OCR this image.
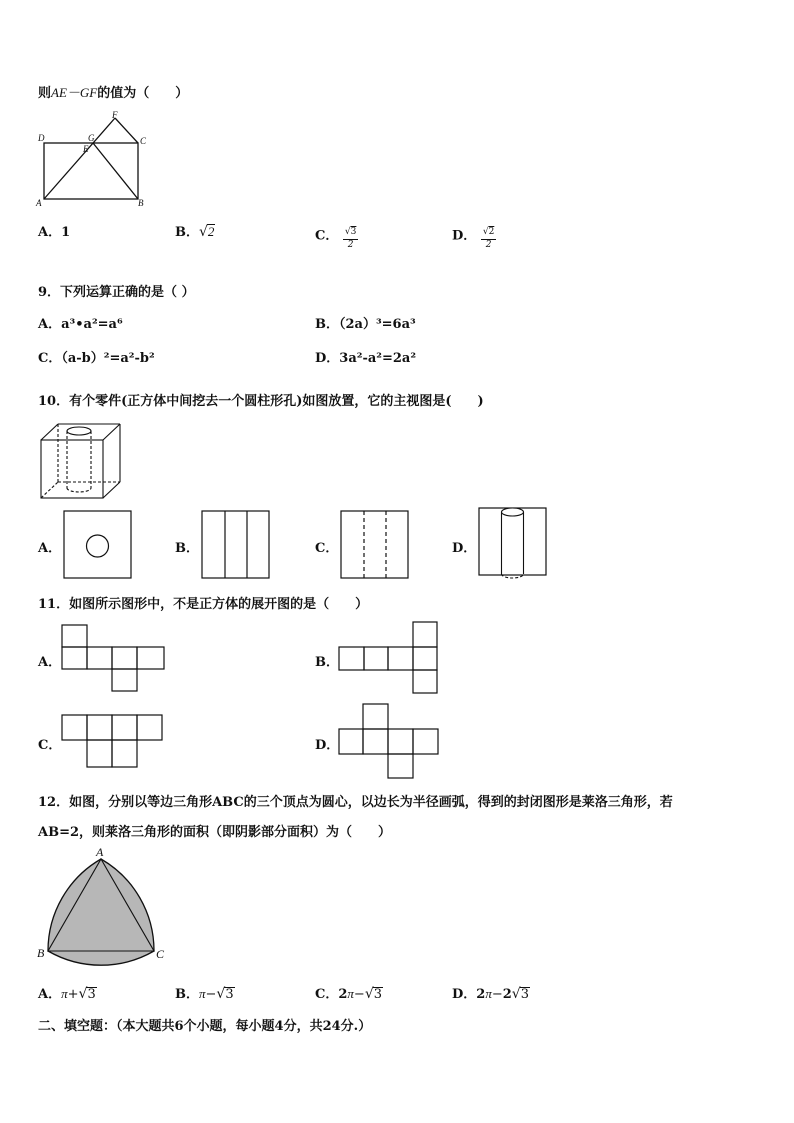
则AE－GF的值为（　　）
D	G
F
C
E
A	B
A．1	B．√2	C． $\frac{√3}{2}$	D． $\frac{√2}{2}$
9．下列运算正确的是（ ）
A．a³•a²=a⁶	B．（2a）³=6a³
C．（a-b）²=a²-b²	D．3a²-a²=2a²
10．有个零件(正方体中间挖去一个圆柱形孔)如图放置，它的主视图是(　　)
A．	B．	C．	D．
11．如图所示图形中，不是正方体的展开图的是（　　）
A．	B．
C．	D．
12．如图，分别以等边三角形ABC的三个顶点为圆心，以边长为半径画弧，得到的封闭图形是莱洛三角形，若
AB=2，则莱洛三角形的面积（即阴影部分面积）为（　　）
A
B	C
A．π+√3	B．π−√3	C．2π−√3	D．2π−2√3
二、填空题：（本大题共6个小题，每小题4分，共24分.）
